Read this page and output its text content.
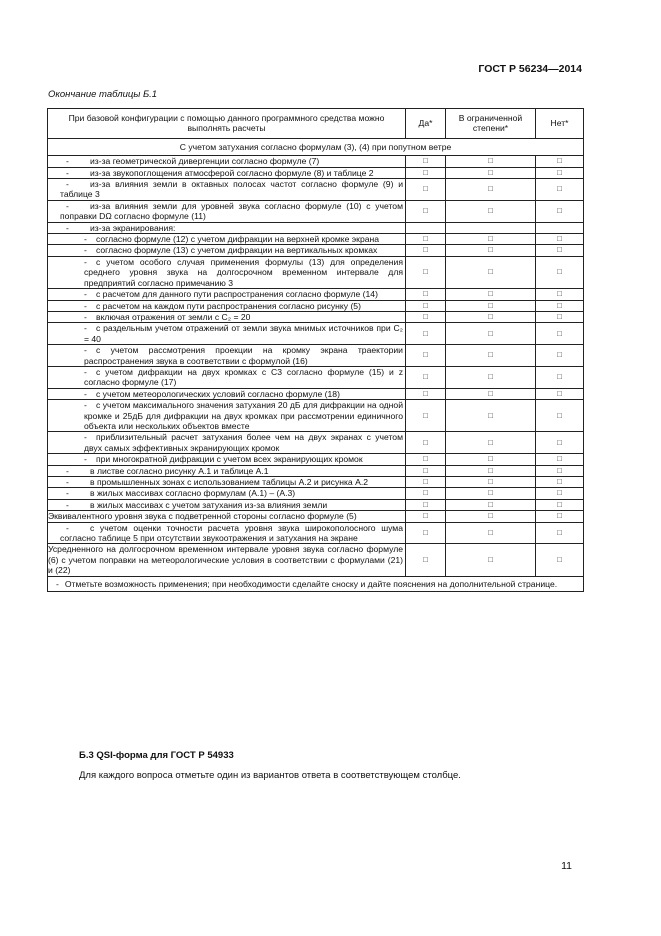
ГОСТ Р 56234—2014
Окончание таблицы Б.1
При базовой конфигурации с помощью данного программного средства можно выполнять расчеты	Да*	В ограниченной степени*	Нет*
С учетом затухания согласно формулам (3), (4) при попутном ветре			
- из-за геометрической дивергенции согласно формуле (7)	□	□	□
- из-за звукопоглощения атмосферой согласно формуле (8) и таблице 2	□	□	□
- из-за влияния земли в октавных полосах частот согласно формуле (9) и таблице 3	□	□	□
- из-за влияния земли для уровней звука согласно формуле (10) с учетом поправки DΩ согласно формуле (11)	□	□	□
- из-за экранирования:			
- согласно формуле (12) с учетом дифракции на верхней кромке экрана	□	□	□
- согласно формуле (13) с учетом дифракции на вертикальных кромках	□	□	□
- с учетом особого случая применения формулы (13) для определения среднего уровня звука на долгосрочном временном интервале для предприятий согласно примечанию 3	□	□	□
- с расчетом для данного пути распространения согласно формуле (14)	□	□	□
- с расчетом на каждом пути распространения согласно рисунку (5)	□	□	□
- включая отражения от земли с C₂ = 20	□	□	□
- с раздельным учетом отражений от земли звука мнимых источников при C₂ = 40	□	□	□
- с учетом рассмотрения проекции на кромку экрана траектории распространения звука в соответствии с формулой (16)	□	□	□
- с учетом дифракции на двух кромках с C3 согласно формуле (15) и z согласно формуле (17)	□	□	□
- с учетом метеорологических условий согласно формуле (18)	□	□	□
- с учетом максимального значения затухания 20 дБ для дифракции на одной кромке и 25дБ для дифракции на двух кромках при рассмотрении единичного объекта или нескольких объектов вместе	□	□	□
- приблизительный расчет затухания более чем на двух экранах с учетом двух самых эффективных экранирующих кромок	□	□	□
- при многократной дифракции с учетом всех экранирующих кромок	□	□	□
- в листве согласно рисунку А.1 и таблице А.1	□	□	□
- в промышленных зонах с использованием таблицы А.2 и рисунка А.2	□	□	□
- в жилых массивах согласно формулам (А.1) – (А.3)	□	□	□
- в жилых массивах с учетом затухания из-за влияния земли	□	□	□
Эквивалентного уровня звука с подветренной стороны согласно формуле (5)	□	□	□
- с учетом оценки точности расчета уровня звука широкополосного шума согласно таблице 5 при отсутствии звукоотражения и затухания на экране	□	□	□
Усредненного на долгосрочном временном интервале уровня звука согласно формуле (6) с учетом поправки на метеорологические условия в соответствии с формулами (21) и (22)	□	□	□
- Отметьте возможность применения; при необходимости сделайте сноску и дайте пояснения на дополнительной странице.			
Б.3 QSI-форма для ГОСТ Р 54933
Для каждого вопроса отметьте один из вариантов ответа в соответствующем столбце.
11
